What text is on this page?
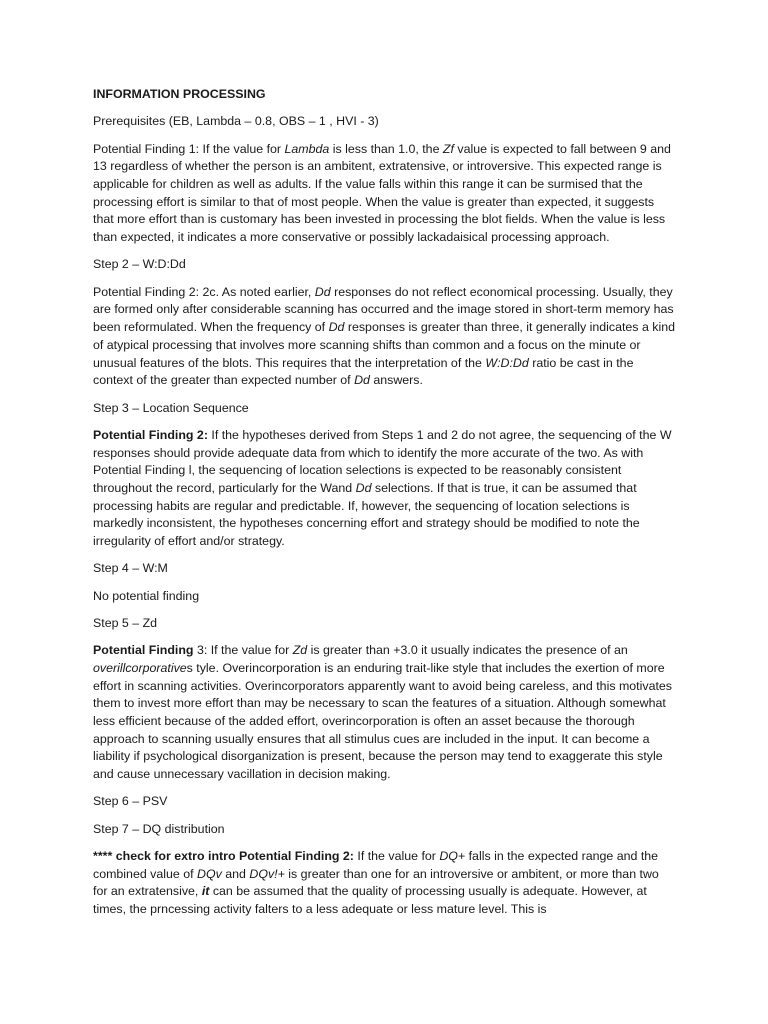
INFORMATION PROCESSING

Prerequisites (EB, Lambda – 0.8, OBS – 1 , HVI - 3)

Potential Finding 1: If the value for Lambda is less than 1.0, the Zf value is expected to fall between 9 and 13 regardless of whether the person is an ambitent, extratensive, or introversive. This expected range is applicable for children as well as adults. If the value falls within this range it can be surmised that the processing effort is similar to that of most people. When the value is greater than expected, it suggests that more effort than is customary has been invested in processing the blot fields. When the value is less than expected, it indicates a more conservative or possibly lackadaisical processing approach.

Step 2 – W:D:Dd

Potential Finding 2: 2c. As noted earlier, Dd responses do not reflect economical processing. Usually, they are formed only after considerable scanning has occurred and the image stored in short-term memory has been reformulated. When the frequency of Dd responses is greater than three, it generally indicates a kind of atypical processing that involves more scanning shifts than common and a focus on the minute or unusual features of the blots. This requires that the interpretation of the W:D:Dd ratio be cast in the context of the greater than expected number of Dd answers.

Step 3 – Location Sequence

Potential Finding 2: If the hypotheses derived from Steps 1 and 2 do not agree, the sequencing of the W responses should provide adequate data from which to identify the more accurate of the two. As with Potential Finding l, the sequencing of location selections is expected to be reasonably consistent throughout the record, particularly for the Wand Dd selections. If that is true, it can be assumed that processing habits are regular and predictable. If, however, the sequencing of location selections is markedly inconsistent, the hypotheses concerning effort and strategy should be modified to note the irregularity of effort and/or strategy.

Step 4 – W:M

No potential finding

Step 5 – Zd

Potential Finding 3: If the value for Zd is greater than +3.0 it usually indicates the presence of an overillcorporatives tyle. Overincorporation is an enduring trait-like style that includes the exertion of more effort in scanning activities. Overincorporators apparently want to avoid being careless, and this motivates them to invest more effort than may be necessary to scan the features of a situation. Although somewhat less efficient because of the added effort, overincorporation is often an asset because the thorough approach to scanning usually ensures that all stimulus cues are included in the input. It can become a liability if psychological disorganization is present, because the person may tend to exaggerate this style and cause unnecessary vacillation in decision making.

Step 6 – PSV

Step 7 – DQ distribution

**** check for extro intro Potential Finding 2: If the value for DQ+ falls in the expected range and the combined value of DQv and DQv!+ is greater than one for an introversive or ambitent, or more than two for an extratensive, it can be assumed that the quality of processing usually is adequate. However, at times, the prncessing activity falters to a less adequate or less mature level. This is
